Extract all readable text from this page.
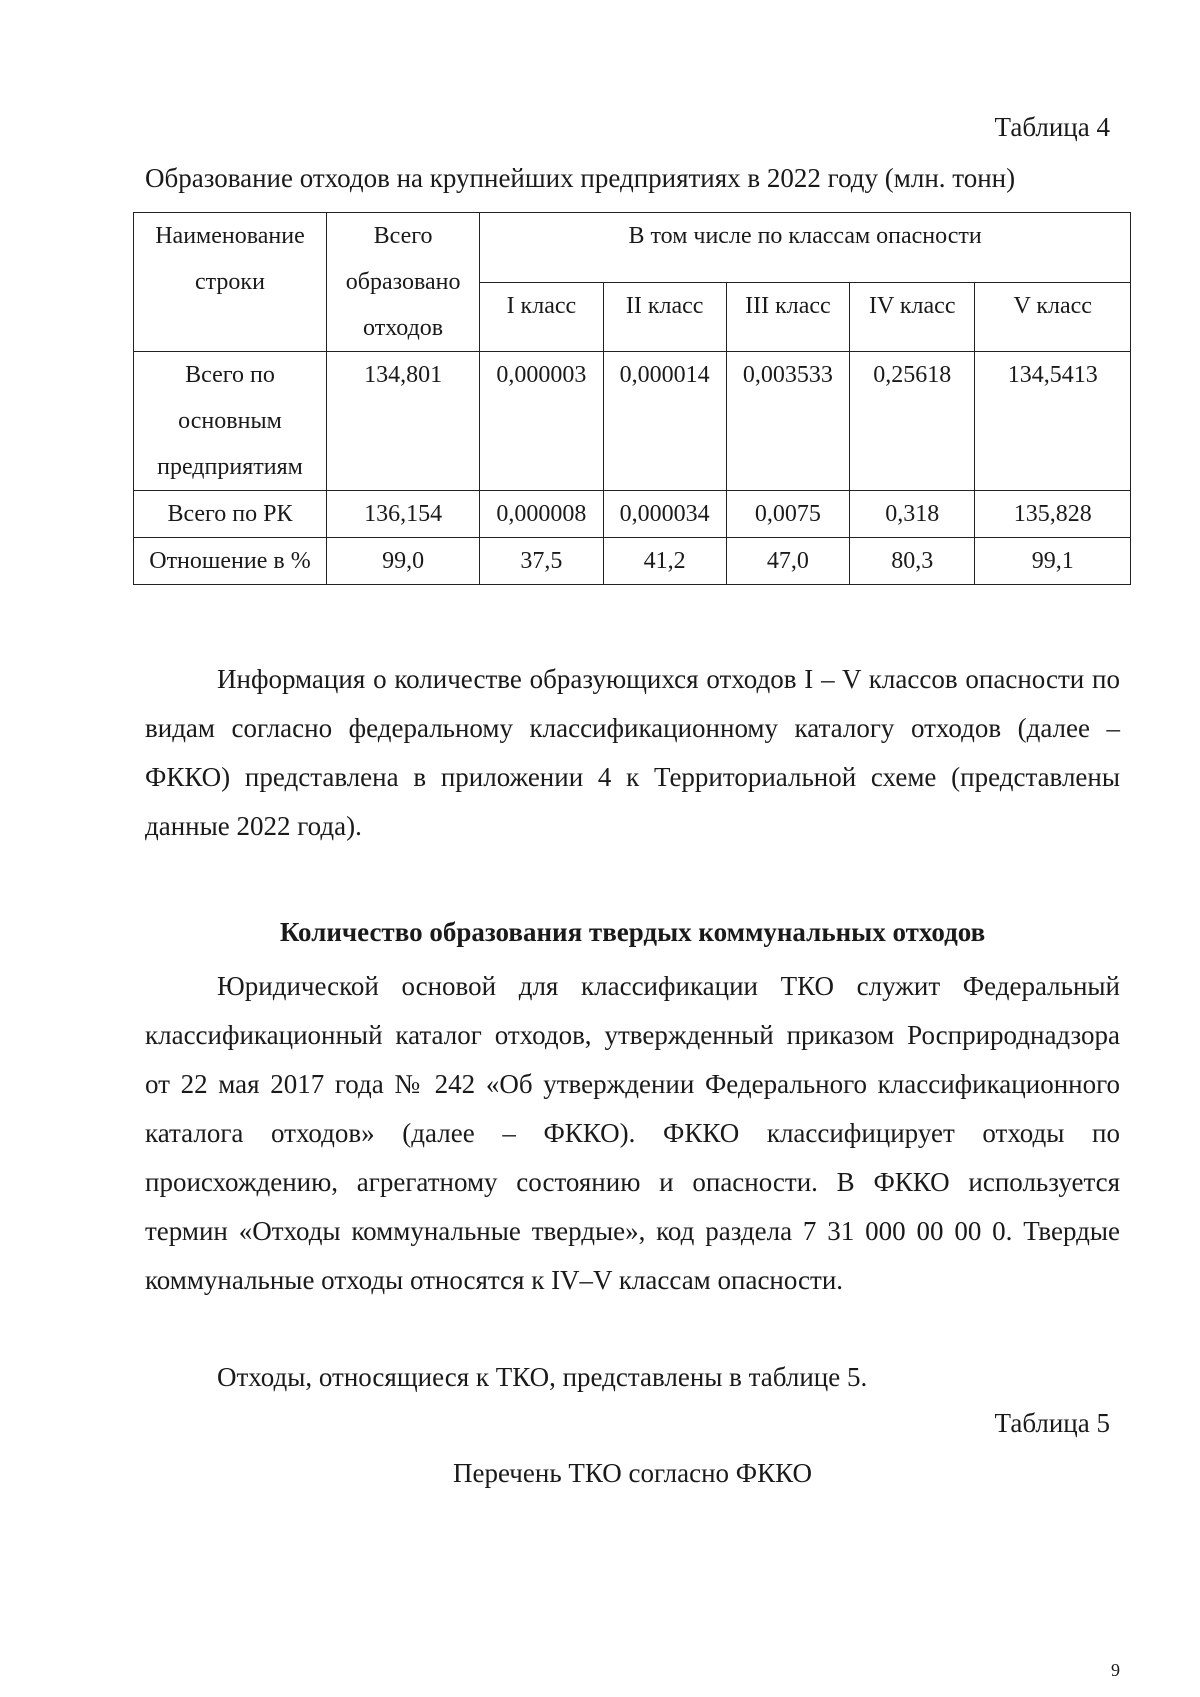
Таблица 4
Образование отходов на крупнейших предприятиях в 2022 году (млн. тонн)
Наименование строки	Всего образовано отходов	В том числе по классам опасности				
		I класс	II класс	III класс	IV класс	V класс
Всего по основным предприятиям	134,801	0,000003	0,000014	0,003533	0,25618	134,5413
Всего по РК	136,154	0,000008	0,000034	0,0075	0,318	135,828
Отношение в %	99,0	37,5	41,2	47,0	80,3	99,1

Информация о количестве образующихся отходов I – V классов опасности по видам согласно федеральному классификационному каталогу отходов (далее – ФККО) представлена в приложении 4 к Территориальной схеме (представлены данные 2022 года).

Количество образования твердых коммунальных отходов

Юридической основой для классификации ТКО служит Федеральный классификационный каталог отходов, утвержденный приказом Росприроднадзора от 22 мая 2017 года № 242 «Об утверждении Федерального классификационного каталога отходов» (далее – ФККО). ФККО классифицирует отходы по происхождению, агрегатному состоянию и опасности. В ФККО используется термин «Отходы коммунальные твердые», код раздела 7 31 000 00 00 0. Твердые коммунальные отходы относятся к IV–V классам опасности.

Отходы, относящиеся к ТКО, представлены в таблице 5.

Таблица 5
Перечень ТКО согласно ФККО
9
